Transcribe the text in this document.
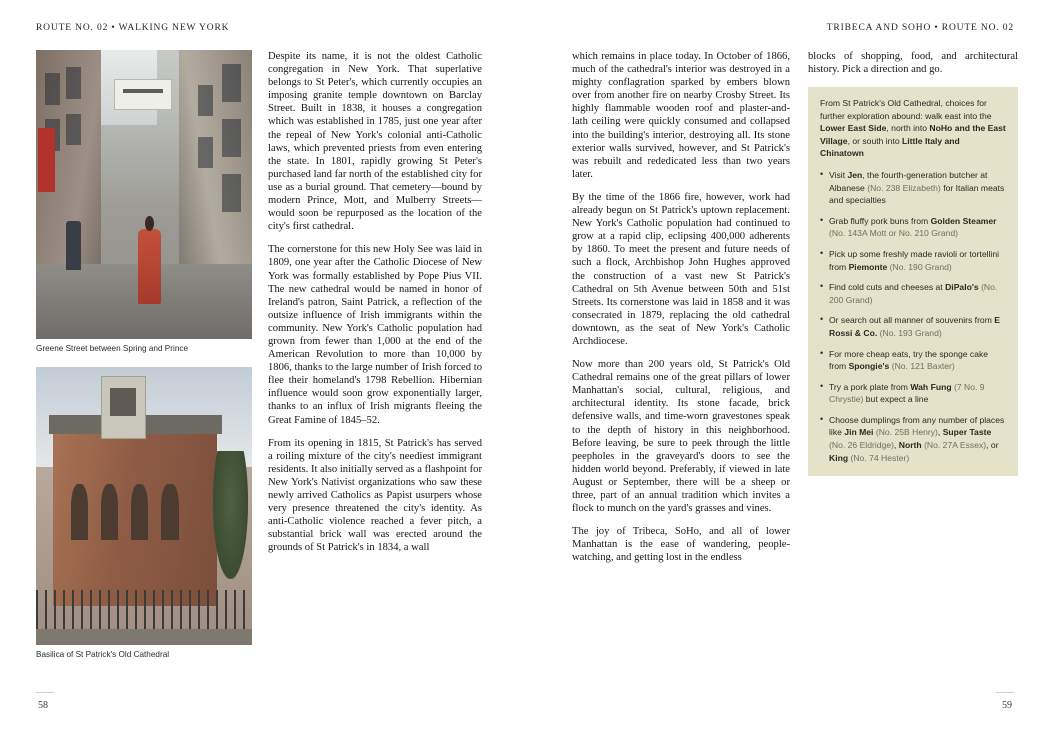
ROUTE NO. 02 • WALKING NEW YORK	TRIBECA AND SOHO • ROUTE NO. 02
Greene Street between Spring and Prince
Basilica of St Patrick's Old Cathedral

Despite its name, it is not the oldest Catholic congregation in New York. That superlative belongs to St Peter's, which currently occupies an imposing granite temple downtown on Barclay Street. Built in 1838, it houses a congregation which was established in 1785, just one year after the repeal of New York's colonial anti-Catholic laws, which prevented priests from even entering the state. In 1801, rapidly growing St Peter's purchased land far north of the established city for use as a burial ground. That cemetery—bound by modern Prince, Mott, and Mulberry Streets—would soon be repurposed as the location of the city's first cathedral.

The cornerstone for this new Holy See was laid in 1809, one year after the Catholic Diocese of New York was formally established by Pope Pius VII. The new cathedral would be named in honor of Ireland's patron, Saint Patrick, a reflection of the outsize influence of Irish immigrants within the community. New York's Catholic population had grown from fewer than 1,000 at the end of the American Revolution to more than 10,000 by 1806, thanks to the large number of Irish forced to flee their homeland's 1798 Rebellion. Hibernian influence would soon grow exponentially larger, thanks to an influx of Irish migrants fleeing the Great Famine of 1845–52.

From its opening in 1815, St Patrick's has served a roiling mixture of the city's neediest immigrant residents. It also initially served as a flashpoint for New York's Nativist organizations who saw these newly arrived Catholics as Papist usurpers whose very presence threatened the city's identity. As anti-Catholic violence reached a fever pitch, a substantial brick wall was erected around the grounds of St Patrick's in 1834, a wall

which remains in place today. In October of 1866, much of the cathedral's interior was destroyed in a mighty conflagration sparked by embers blown over from another fire on nearby Crosby Street. Its highly flammable wooden roof and plaster-and-lath ceiling were quickly consumed and collapsed into the building's interior, destroying all. Its stone exterior walls survived, however, and St Patrick's was rebuilt and rededicated less than two years later.

By the time of the 1866 fire, however, work had already begun on St Patrick's uptown replacement. New York's Catholic population had continued to grow at a rapid clip, eclipsing 400,000 adherents by 1860. To meet the present and future needs of such a flock, Archbishop John Hughes approved the construction of a vast new St Patrick's Cathedral on 5th Avenue between 50th and 51st Streets. Its cornerstone was laid in 1858 and it was consecrated in 1879, replacing the old cathedral downtown, as the seat of New York's Catholic Archdiocese.

Now more than 200 years old, St Patrick's Old Cathedral remains one of the great pillars of lower Manhattan's social, cultural, religious, and architectural identity. Its stone facade, brick defensive walls, and time-worn gravestones speak to the depth of history in this neighborhood. Before leaving, be sure to peek through the little peepholes in the graveyard's doors to see the hidden world beyond. Preferably, if viewed in late August or September, there will be a sheep or three, part of an annual tradition which invites a flock to munch on the yard's grasses and vines.

The joy of Tribeca, SoHo, and all of lower Manhattan is the ease of wandering, people-watching, and getting lost in the endless

blocks of shopping, food, and architectural history. Pick a direction and go.

From St Patrick's Old Cathedral, choices for further exploration abound: walk east into the Lower East Side, north into NoHo and the East Village, or south into Little Italy and Chinatown

• Visit Jen, the fourth-generation butcher at Albanese (No. 238 Elizabeth) for Italian meats and specialties
• Grab fluffy pork buns from Golden Steamer (No. 143A Mott or No. 210 Grand)
• Pick up some freshly made ravioli or tortellini from Piemonte (No. 190 Grand)
• Find cold cuts and cheeses at DiPalo's (No. 200 Grand)
• Or search out all manner of souvenirs from E Rossi & Co. (No. 193 Grand)
• For more cheap eats, try the sponge cake from Spongie's (No. 121 Baxter)
• Try a pork plate from Wah Fung (7 No. 9 Chrystie) but expect a line
• Choose dumplings from any number of places like Jin Mei (No. 25B Henry), Super Taste (No. 26 Eldridge), North (No. 27A Essex), or King (No. 74 Hester)
58	59
